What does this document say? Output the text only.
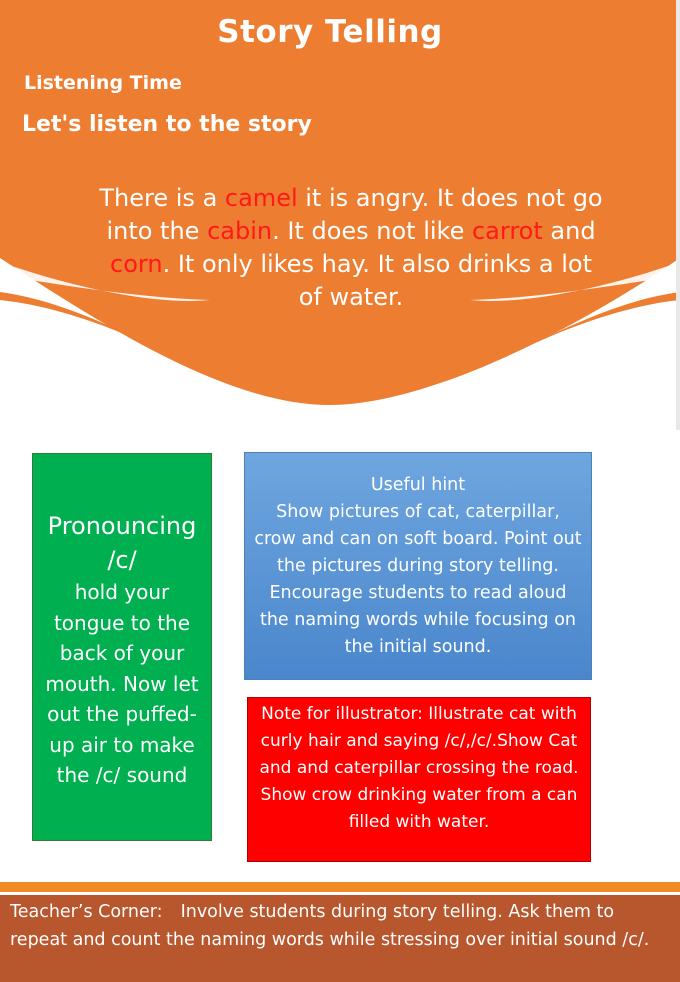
Story Telling
Listening Time
Let's listen to the story
There is a camel it is angry. It does not go into the cabin. It does not like carrot and corn. It only likes hay. It also drinks a lot of water.
Pronouncing
/c/
hold your tongue to the back of your mouth. Now let out the puffed-up air to make the /c/ sound
Useful hint
Show pictures of cat, caterpillar, crow and can on soft board. Point out the pictures during story telling. Encourage students to read aloud the naming words while focusing on the initial sound.
Note for illustrator: Illustrate cat with curly hair and saying /c/,/c/.Show Cat and and caterpillar crossing the road. Show crow drinking water from a can filled with water.
Teacher’s Corner: Involve students during story telling. Ask them to repeat and count the naming words while stressing over initial sound /c/.
